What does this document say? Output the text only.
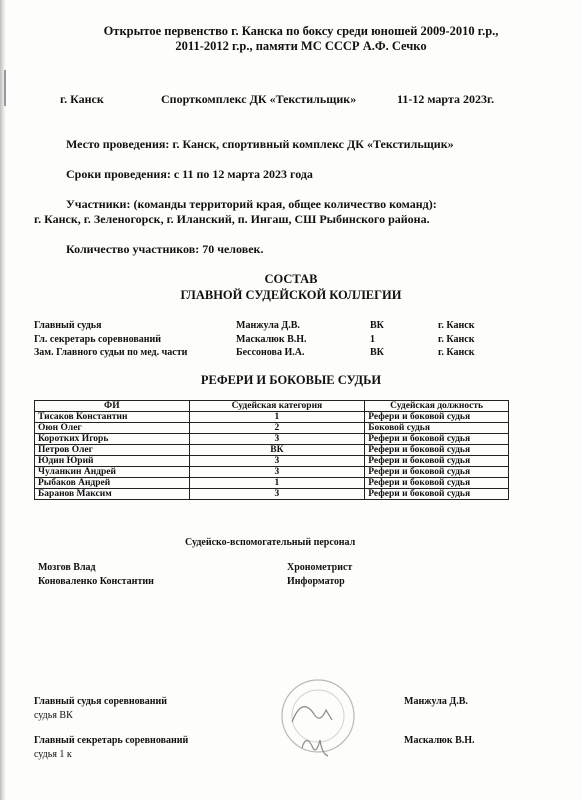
Открытое первенство г. Канска по боксу среди юношей 2009-2010 г.р.,
2011-2012 г.р., памяти МС СССР А.Ф. Сечко
г. Канск	Спорткомплекс ДК «Текстильщик»	11-12 марта 2023г.
Место проведения: г. Канск, спортивный комплекс ДК «Текстильщик»
Сроки проведения: с 11 по 12 марта 2023 года
Участники: (команды территорий края, общее количество команд):
г. Канск, г. Зеленогорск, г. Иланский, п. Ингаш, СШ Рыбинского района.
Количество участников: 70 человек.
СОСТАВ
ГЛАВНОЙ СУДЕЙСКОЙ КОЛЛЕГИИ
Главный судья	Манжула Д.В.	ВК	г. Канск
Гл. секретарь соревнований	Маскалюк В.Н.	1	г. Канск
Зам. Главного судьи по мед. части	Бессонова И.А.	ВК	г. Канск
РЕФЕРИ И БОКОВЫЕ СУДЬИ
ФИ	Судейская категория	Судейская должность
Тисаков Константин	1	Рефери и боковой судья
Оюн Олег	2	Боковой судья
Коротких Игорь	3	Рефери и боковой судья
Петров Олег	ВК	Рефери и боковой судья
Юдин Юрий	3	Рефери и боковой судья
Чуланкин Андрей	3	Рефери и боковой судья
Рыбаков Андрей	1	Рефери и боковой судья
Баранов Максим	3	Рефери и боковой судья
Судейско-вспомогательный персонал
Мозгов Влад	Хронометрист
Коноваленко Константин	Информатор
Главный судья соревнований
судья ВК
Манжула Д.В.
Главный секретарь соревнований
судья 1 к
Маскалюк В.Н.
